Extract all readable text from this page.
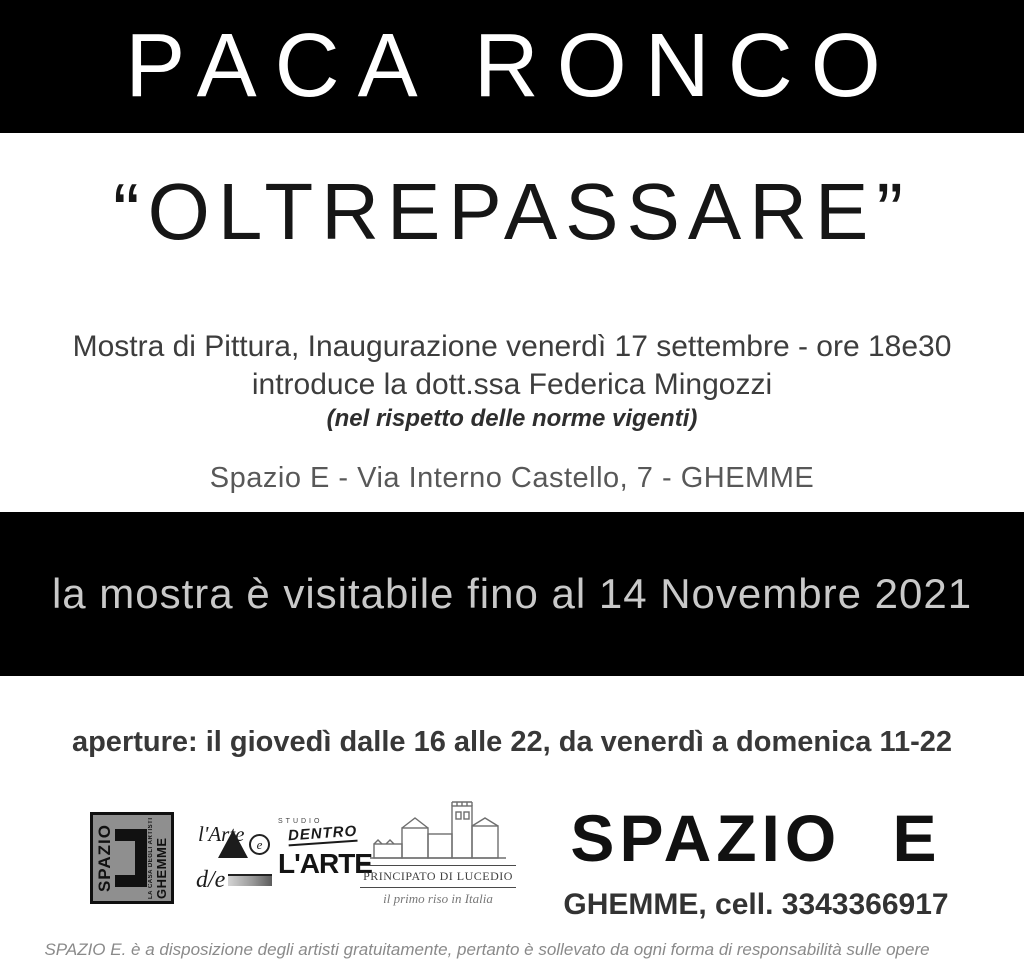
PACA RONCO
“OLTREPASSARE”
Mostra di Pittura, Inaugurazione venerdì 17 settembre - ore 18e30
introduce la dott.ssa Federica Mingozzi
(nel rispetto delle norme vigenti)
Spazio E - Via Interno Castello, 7 - GHEMME
la mostra è visitabile fino al 14 Novembre 2021
aperture: il giovedì dalle 16 alle 22, da venerdì a domenica 11-22
SPAZIO	LA CASA DEGLI ARTISTI GHEMME
l'Arte e
d/e
STUDIO
DENTRO
L'ARTE
PRINCIPATO DI LUCEDIO
il primo riso in Italia
SPAZIO E
GHEMME, cell. 3343366917
SPAZIO E. è a disposizione degli artisti gratuitamente, pertanto è sollevato da ogni forma di responsabilità sulle opere
